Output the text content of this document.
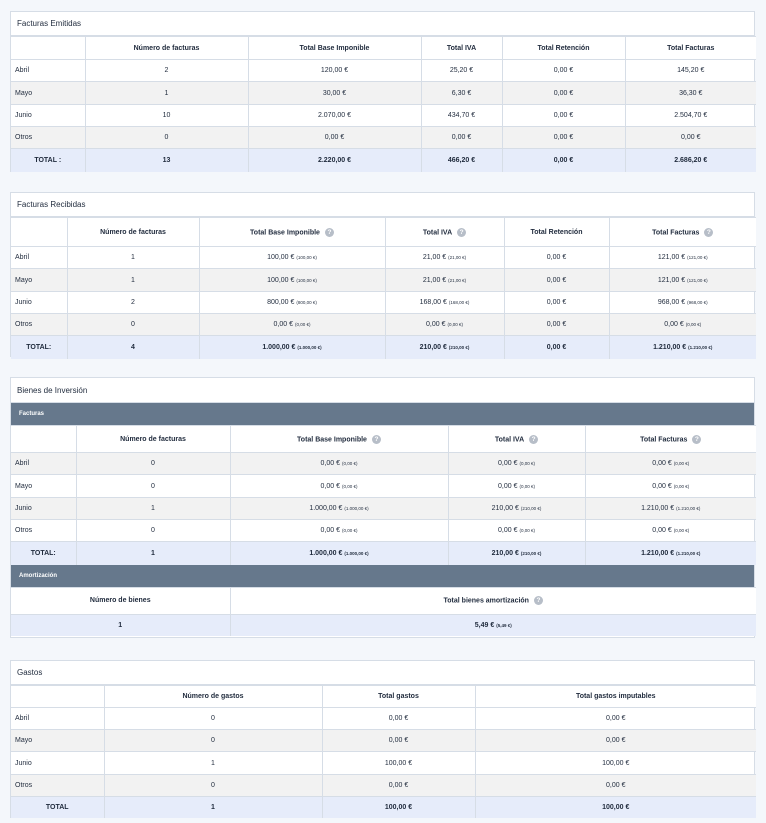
Facturas Emitidas
	Número de facturas	Total Base Imponible	Total IVA	Total Retención	Total Facturas
Abril	2	120,00 €	25,20 €	0,00 €	145,20 €
Mayo	1	30,00 €	6,30 €	0,00 €	36,30 €
Junio	10	2.070,00 €	434,70 €	0,00 €	2.504,70 €
Otros	0	0,00 €	0,00 €	0,00 €	0,00 €
TOTAL :	13	2.220,00 €	466,20 €	0,00 €	2.686,20 €
Facturas Recibidas
	Número de facturas	Total Base Imponible ?	Total IVA ?	Total Retención	Total Facturas ?
Abril	1	100,00 € (100,00 €)	21,00 € (21,00 €)	0,00 €	121,00 € (121,00 €)
Mayo	1	100,00 € (100,00 €)	21,00 € (21,00 €)	0,00 €	121,00 € (121,00 €)
Junio	2	800,00 € (800,00 €)	168,00 € (168,00 €)	0,00 €	968,00 € (968,00 €)
Otros	0	0,00 € (0,00 €)	0,00 € (0,00 €)	0,00 €	0,00 € (0,00 €)
TOTAL:	4	1.000,00 € (1.000,00 €)	210,00 € (210,00 €)	0,00 €	1.210,00 € (1.210,00 €)
Bienes de Inversión
Facturas
	Número de facturas	Total Base Imponible ?	Total IVA ?	Total Facturas ?
Abril	0	0,00 € (0,00 €)	0,00 € (0,00 €)	0,00 € (0,00 €)
Mayo	0	0,00 € (0,00 €)	0,00 € (0,00 €)	0,00 € (0,00 €)
Junio	1	1.000,00 € (1.000,00 €)	210,00 € (210,00 €)	1.210,00 € (1.210,00 €)
Otros	0	0,00 € (0,00 €)	0,00 € (0,00 €)	0,00 € (0,00 €)
TOTAL:	1	1.000,00 € (1.000,00 €)	210,00 € (210,00 €)	1.210,00 € (1.210,00 €)
Amortización
Número de bienes	Total bienes amortización ?
1	5,49 € (5,49 €)
Gastos
	Número de gastos	Total gastos	Total gastos imputables
Abril	0	0,00 €	0,00 €
Mayo	0	0,00 €	0,00 €
Junio	1	100,00 €	100,00 €
Otros	0	0,00 €	0,00 €
TOTAL	1	100,00 €	100,00 €
